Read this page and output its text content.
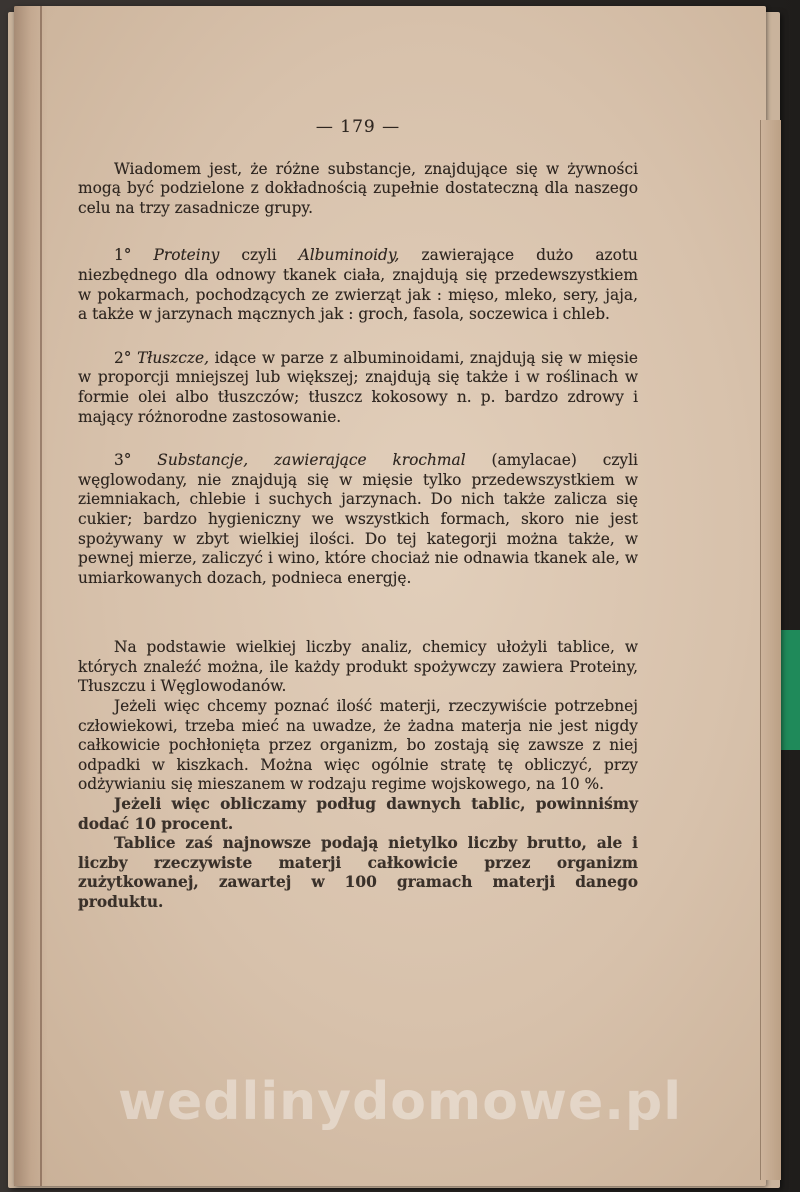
— 179 —

Wiadomem jest, że różne substancje, znajdujące się w żywności mogą być podzielone z dokładnością zupełnie dostateczną dla naszego celu na trzy zasadnicze grupy.

1° Proteiny czyli Albuminoidy, zawierające dużo azotu niezbędnego dla odnowy tkanek ciała, znajdują się przedewszystkiem w pokarmach, pochodzących ze zwierząt jak : mięso, mleko, sery, jaja, a także w jarzynach mącznych jak : groch, fasola, soczewica i chleb.

2° Tłuszcze, idące w parze z albuminoidami, znajdują się w mięsie w proporcji mniejszej lub większej; znajdują się także i w roślinach w formie olei albo tłuszczów; tłuszcz kokosowy n. p. bardzo zdrowy i mający różnorodne zastosowanie.

3° Substancje, zawierające krochmal (amylacae) czyli węglowodany, nie znajdują się w mięsie tylko przedewszystkiem w ziemniakach, chlebie i suchych jarzynach. Do nich także zalicza się cukier; bardzo hygieniczny we wszystkich formach, skoro nie jest spożywany w zbyt wielkiej ilości. Do tej kategorji można także, w pewnej mierze, zaliczyć i wino, które chociaż nie odnawia tkanek ale, w umiarkowanych dozach, podnieca energję.

Na podstawie wielkiej liczby analiz, chemicy ułożyli tablice, w których znaleźć można, ile każdy produkt spożywczy zawiera Proteiny, Tłuszczu i Węglowodanów.

Jeżeli więc chcemy poznać ilość materji, rzeczywiście potrzebnej człowiekowi, trzeba mieć na uwadze, że żadna materja nie jest nigdy całkowicie pochłonięta przez organizm, bo zostają się zawsze z niej odpadki w kiszkach. Można więc ogólnie stratę tę obliczyć, przy odżywianiu się mieszanem w rodzaju regime wojskowego, na 10 %.

Jeżeli więc obliczamy podług dawnych tablic, powinniśmy dodać 10 procent.

Tablice zaś najnowsze podają nietylko liczby brutto, ale i liczby rzeczywiste materji całkowicie przez organizm zużytkowanej, zawartej w 100 gramach materji danego produktu.

wedlinydomowe.pl
